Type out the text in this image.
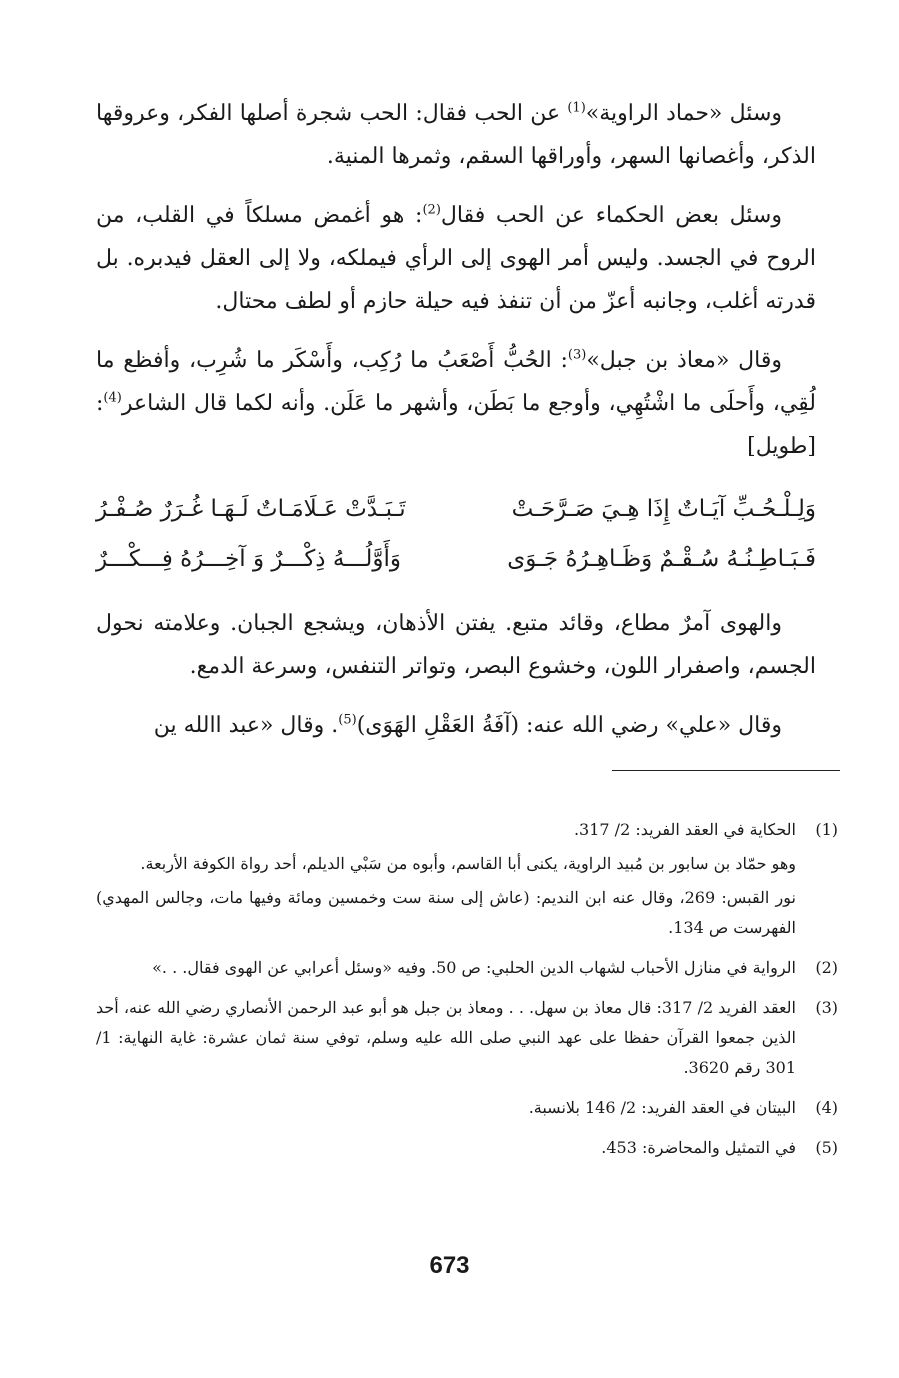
وسئل «حماد الراوية»$^{(1)}$ عن الحب فقال: الحب شجرة أصلها الفكر، وعروقها الذكر، وأغصانها السهر، وأوراقها السقم، وثمرها المنية.

وسئل بعض الحكماء عن الحب فقال$^{(2)}$: هو أغمض مسلكاً في القلب، من الروح في الجسد. وليس أمر الهوى إلى الرأي فيملكه، ولا إلى العقل فيدبره. بل قدرته أغلب، وجانبه أعزّ من أن تنفذ فيه حيلة حازم أو لطف محتال.

وقال «معاذ بن جبل»$^{(3)}$: الحُبُّ أَصْعَبُ ما رُكِب، وأَسْكَر ما شُرِب، وأفظع ما لُقِي، وأَحلَى ما اشْتُهِي، وأوجع ما بَطَن، وأشهر ما عَلَن. وأنه لكما قال الشاعر$^{(4)}$: [طويل]

وَلِـلْـحُـبِّ آيَـاتٌ إِذَا هِـيَ صَـرَّحَـتْ
تَـبَـدَّتْ عَـلَامَـاتٌ لَـهَـا غُـرَرٌ صُـفْـرُ
فَـبَـاطِـنُـهُ سُـقْـمٌ وَظَـاهِـرُهُ جَـوَى
وَأَوَّلُـــهُ ذِكْـــرٌ وَ آخِـــرُهُ فِـــكْـــرٌ

والهوى آمرٌ مطاع، وقائد متبع. يفتن الأذهان، ويشجع الجبان. وعلامته نحول الجسم، واصفرار اللون، وخشوع البصر، وتواتر التنفس، وسرعة الدمع.

وقال «علي» رضي الله عنه: (آفَةُ العَقْلِ الهَوَى)$^{(5)}$. وقال «عبد االله ين

(1)

الحكاية في العقد الفريد: 2/ 317.

وهو حمّاد بن سابور بن مُبيد الراوية، يكنى أبا القاسم، وأبوه من سَبْي الديلم، أحد رواة الكوفة الأربعة.

نور القبس: 269، وقال عنه ابن النديم: (عاش إلى سنة ست وخمسين ومائة وفيها مات، وجالس المهدي) الفهرست ص 134.

(2)

الرواية في منازل الأحباب لشهاب الدين الحلبي: ص 50. وفيه «وسئل أعرابي عن الهوى فقال. . .»

(3)

العقد الفريد 2/ 317: قال معاذ بن سهل. . . ومعاذ بن جبل هو أبو عبد الرحمن الأنصاري رضي الله عنه، أحد الذين جمعوا القرآن حفظا على عهد النبي صلى الله عليه وسلم، توفي سنة ثمان عشرة: غاية النهاية: 1/ 301 رقم 3620.

(4)

البيتان في العقد الفريد: 2/ 146 بلانسبة.

(5)

في التمثيل والمحاضرة: 453.

673
